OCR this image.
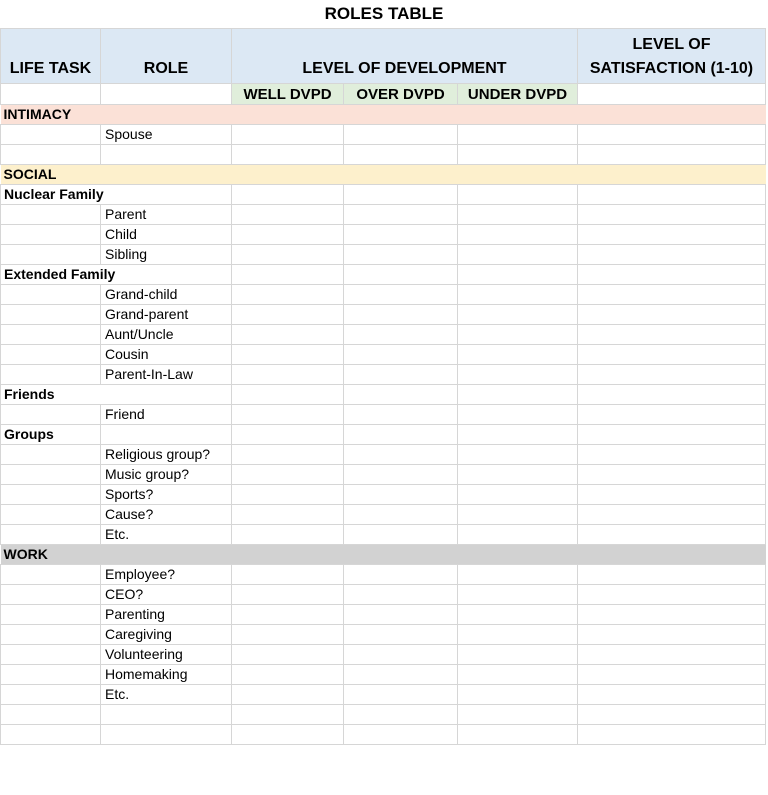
ROLES TABLE
LIFE TASK	ROLE	LEVEL OF DEVELOPMENT			LEVEL OF
SATISFACTION (1-10)
		WELL DVPD	OVER DVPD	UNDER DVPD	
INTIMACY					
	Spouse				

SOCIAL					
Nuclear Family					
	Parent				
	Child				
	Sibling				
Extended Family					
	Grand-child				
	Grand-parent				
	Aunt/Uncle				
	Cousin				
	Parent-In-Law				
Friends					
	Friend				
Groups					
	Religious group?				
	Music group?				
	Sports?				
	Cause?				
	Etc.				
WORK					
	Employee?				
	CEO?				
	Parenting				
	Caregiving				
	Volunteering				
	Homemaking				
	Etc.				
